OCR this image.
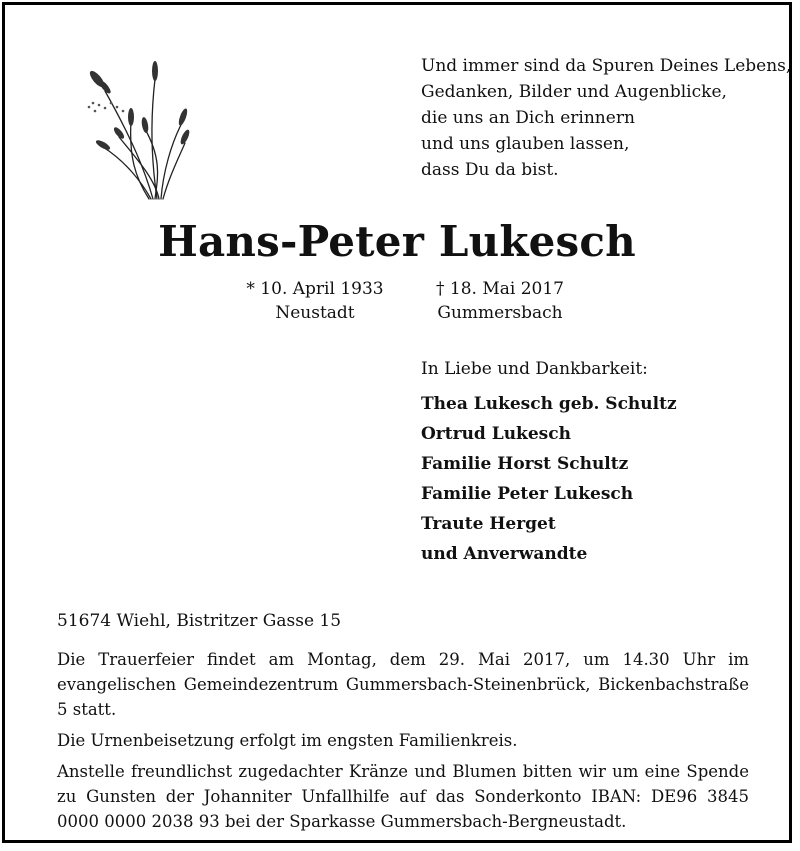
Und immer sind da Spuren Deines Lebens,
Gedanken, Bilder und Augenblicke,
die uns an Dich erinnern
und uns glauben lassen,
dass Du da bist.
Hans-Peter Lukesch
* 10. April 1933
Neustadt
† 18. Mai 2017
Gummersbach
In Liebe und Dankbarkeit:
Thea Lukesch geb. Schultz
Ortrud Lukesch
Familie Horst Schultz
Familie Peter Lukesch
Traute Herget
und Anverwandte
51674 Wiehl, Bistritzer Gasse 15

Die Trauerfeier findet am Montag, dem 29. Mai 2017, um 14.30 Uhr im evangelischen Gemeindezentrum Gummersbach-Steinenbrück, Bickenbachstraße 5 statt.

Die Urnenbeisetzung erfolgt im engsten Familienkreis.

Anstelle freundlichst zugedachter Kränze und Blumen bitten wir um eine Spende zu Gunsten der Johanniter Unfallhilfe auf das Sonderkonto IBAN: DE96 3845 0000 0000 2038 93 bei der Sparkasse Gummersbach-Bergneustadt.
